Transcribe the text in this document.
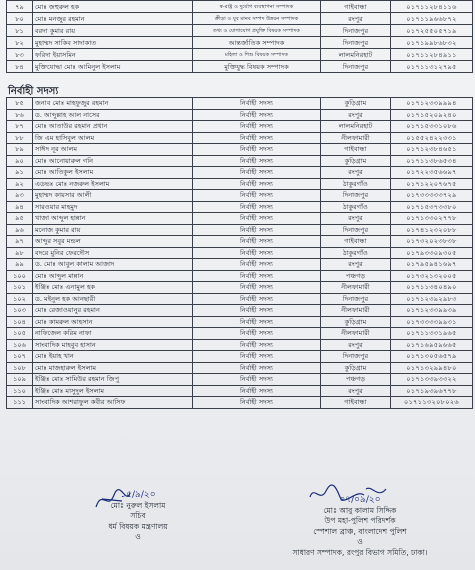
৭৯	মোঃ জহুরুল হক	স্ব-রাষ্ট্র ও দুর্যোগ ব্যবস্থাপনা সম্পাদক	গাইবান্ধা	০১৭১১২৮৪১১৬
৮০	মোঃ মনজুর রহমান	ক্রীড়া ও যুব মানব সম্পদ উন্নয়ন সম্পাদক	রংপুর	০১৭১১৯৬৬৮৭২
৮১	বরদা কুমার রায়	তথ্য ও যোগাযোগ প্রযুক্তি বিষয়ক সম্পাদক	দিনাজপুর	০১৭২৫৫০৫৭১৯
৮২	মুহাম্মদ সাকিব সাদাকাত	আন্তর্জাতিক সম্পাদক	দিনাজপুর	০১৭১৯৯৮৬৮৩২
৮৩	ফরিদা ইয়াসমিন	মহিলা ও শিশু বিষয়ক সম্পাদক	লালমনিরহাট	০১৭১১২৮৪৯১১
৮৪	মুক্তিযোদ্ধা মোঃ আমিনুল ইসলাম	মুক্তিযুদ্ধ বিষয়ক সম্পাদক	দিনাজপুর	০১৭১১৩১২৭৯৫
নির্বাহী সদস্য
৮৫	জনাব মোঃ মাহফুজুর রহমান	নির্বাহী সদস্য	কুড়িগ্রাম	০১৭১২৩৩৯৯৯৪
৮৬	ড. আব্দুল্লাহ আল নাসের	নির্বাহী সদস্য	রংপুর	০১৭১৫২০৯২৪০
৮৭	মোঃ আতাউর রহমান প্রধান	নির্বাহী সদস্য	লালমনিরহাট	০১৭১৫৩৩১০৮৬
৮৮	জি এম হাসিবুল আলম	নির্বাহী সদস্য	নীলফামারী	০১৫৫২৪২২৩৩১
৮৯	সাঈদ নূর আলম	নির্বাহী সদস্য	গাইবান্ধা	০১৭১২৩৮৪৬৫১
৯০	মোঃ আনোয়ারুল গনি	নির্বাহী সদস্য	কুড়িগ্রাম	০১৭১১৩৮৬৫৩৪
৯১	মোঃ আতিকুল ইসলাম	নির্বাহী সদস্য	রংপুর	০১৭২২৩৫৬৬৯৭
৯২	এডভঃ মোঃ নজরুল ইসলাম	নির্বাহী সদস্য	ঠাকুরগাঁও	০১৭১২২০৭৬৭৫
৯৩	মুহাম্মদ কায়সার আলী	নির্বাহী সদস্য	দিনাজপুর	০১৭৩৩৩৩৩৭২৯
৯৪	সারওয়ার মাহমুদ	নির্বাহী সদস্য	ঠাকুরগাঁও	০১৭১৫৩৭৩৩৮০
৯৫	খাজা আব্দুল হান্নান	নির্বাহী সদস্য	রংপুর	০১৭১৩৩০২৭৭৮
৯৬	মনোজ কুমার রায়	নির্বাহী সদস্য	দিনাজপুর	০১৭৪১২৩২০৮৮
৯৭	আব্দুর সবুর মন্ডল	নির্বাহী সদস্য	গাইবান্ধা	০১৭৩২০২৩৮৩৮
৯৮	বদরে মুনির ফেরদৌস	নির্বাহী সদস্য	ঠাকুরগাঁও	০১৭৯৩৩০৯৩০৫
৯৯	ড. মোঃ আবুল কালাম আজাদ	নির্বাহী সদস্য	রংপুর	০১৭৯৫৯৪১৬৯৭
১০০	মোঃ আব্দুল মান্নান	নির্বাহী সদস্য	পঞ্চগড়	০১৭৩২১৩২০০৫
১০১	ইঞ্জিঃ মোঃ এনামুল হক	নির্বাহী সদস্য	নীলফামারী	০১৭১১৩৪০৪৯০
১০২	ড. মইনুল হক আনছারী	নির্বাহী সদস্য	দিনাজপুর	০১৭১২৩৯২৯৮৩
১০৩	মোঃ রেজাওয়ানুর রহমান	নির্বাহী সদস্য	নীলফামারী	০১৭১২৩৩৯৯৩৯
১০৪	মোঃ কামরুল আহসান	নির্বাহী সদস্য	কুড়িগ্রাম	০১৭৩৩৩৩৯৯৩১
১০৫	নাফিজেল করিম নাফা	নির্বাহী সদস্য	নীলফামারী	০১৭১১৩৩১৯৬৫
১০৬	সাংবাদিক মাহবুব হাসান	নির্বাহী সদস্য	রংপুর	০১৭১৬৯৫৯৬৬৫
১০৭	মোঃ ইয়াহ খান	নির্বাহী সদস্য	দিনাজপুর	০১৭১৩০৫৬৫৭৯
১০৮	মোঃ মাজহারুল ইসলাম	নির্বাহী সদস্য	কুড়িগ্রাম	০১৭১৩২৯৯৪৮০
১০৯	ইঞ্জিঃ মোঃ সামিউর রহমান জিপু	নির্বাহী সদস্য	পঞ্চগড়	০১৭১৩৩৯৩৩২২
১১০	ইঞ্জিঃ মোঃ মাসুদুল ইসলাম	নির্বাহী সদস্য	রংপুর	০১৭১৯৩৯৬৭৭৮
১১১	সাংবাদিক আশরাফুল কবীর আসিফ	নির্বাহী সদস্য	গাইবান্ধা	০১৭১১৩২০৮০২৬
১৫/৯/২০
মোঃ নুরুল ইসলাম
সচিব
ধর্ম বিষয়ক মন্ত্রণালয়
ও
০৭/০৯/২০
মোঃ আবু কালাম সিদ্দিক
উপ মহা-পুলিশ পরিদর্শক
স্পেশাল ব্রাঞ্চ, বাংলাদেশ পুলিশ
ও
সাধারণ সম্পাদক, রংপুর বিভাগ সমিতি, ঢাকা।
